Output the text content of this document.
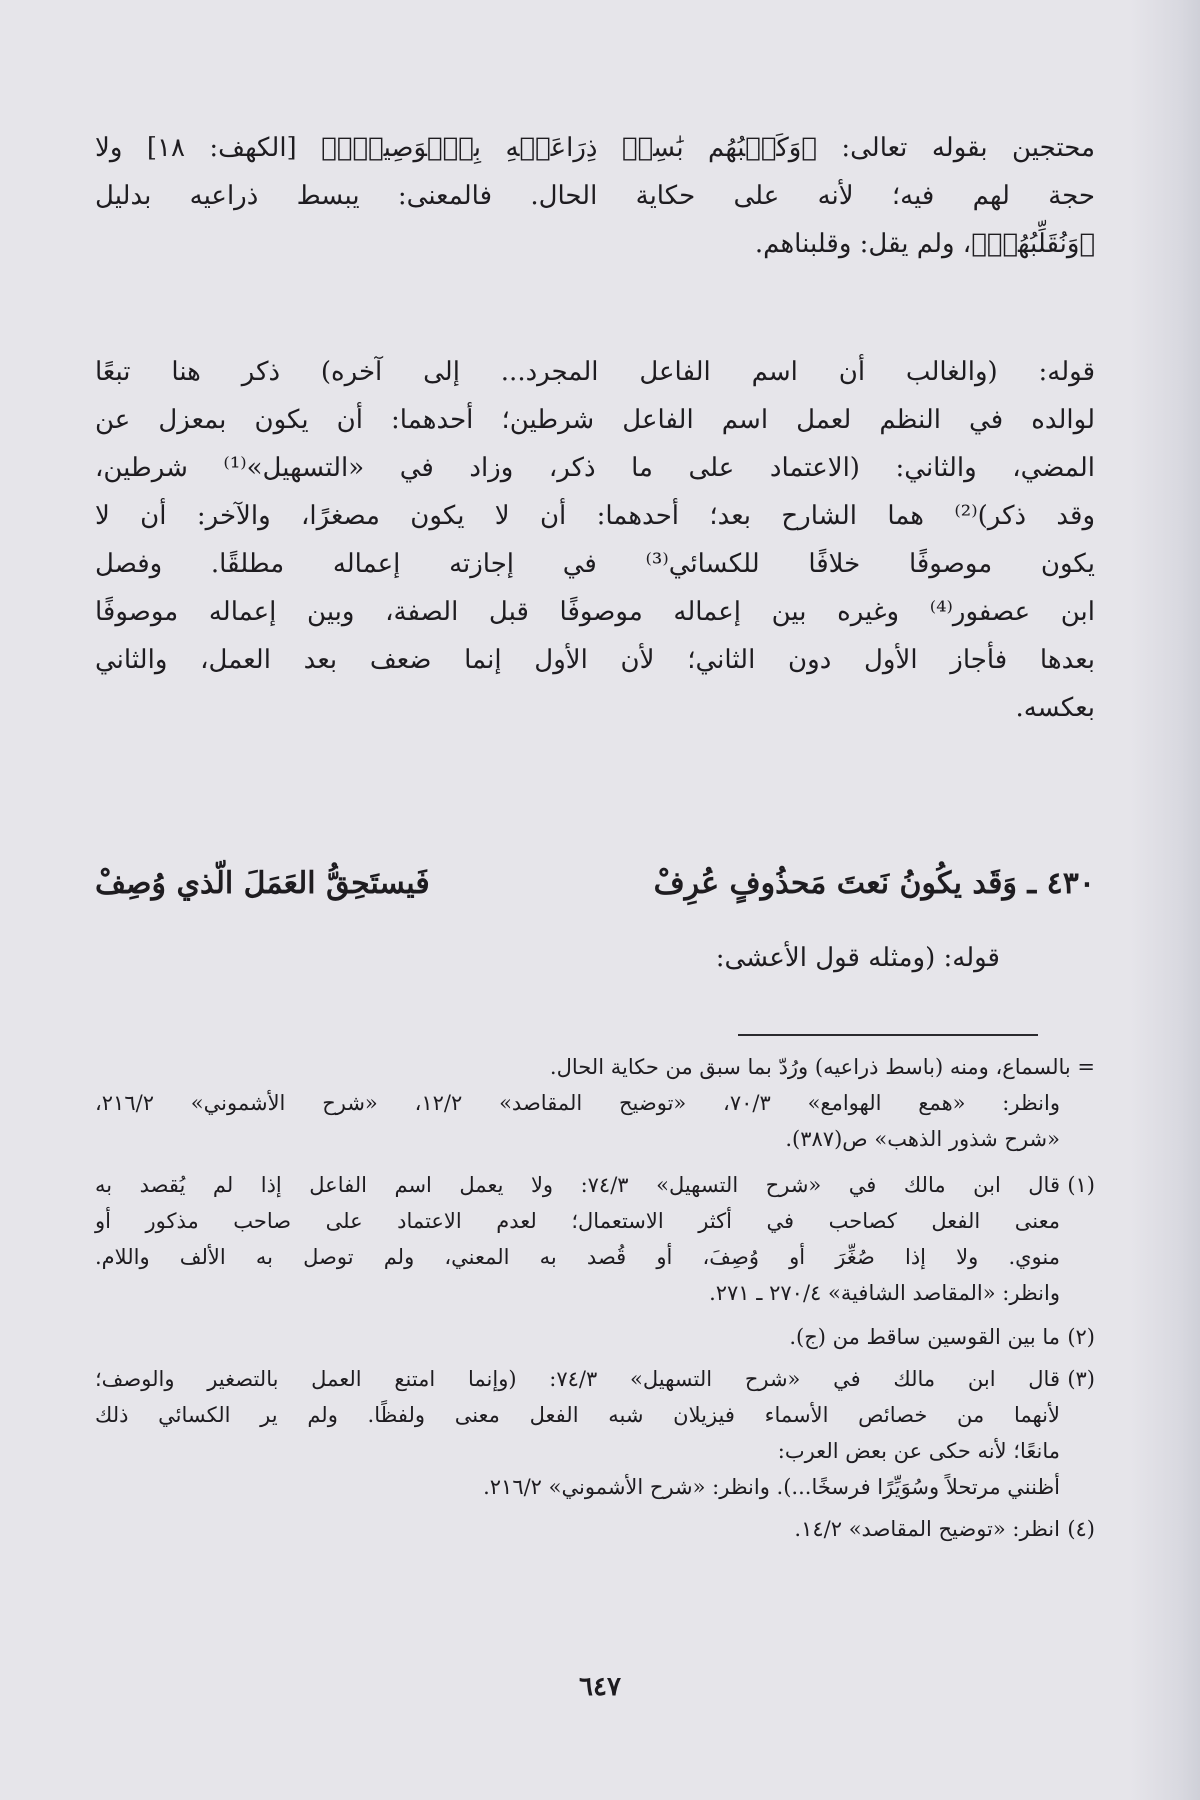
محتجين بقوله تعالى: ﴿وَكَلۡبُهُم بَٰسِطٞ ذِرَاعَيۡهِ بِٱلۡوَصِيدِۚ﴾ [الكهف: ١٨] ولا
حجة لهم فيه؛ لأنه على حكاية الحال. فالمعنى: يبسط ذراعيه بدليل
﴿وَنُقَلِّبُهُمۡ﴾، ولم يقل: وقلبناهم.
قوله: (والغالب أن اسم الفاعل المجرد... إلى آخره) ذكر هنا تبعًا
لوالده في النظم لعمل اسم الفاعل شرطين؛ أحدهما: أن يكون بمعزل عن
المضي، والثاني: (الاعتماد على ما ذكر، وزاد في «التسهيل»⁽¹⁾ شرطين،
وقد ذكر)⁽²⁾ هما الشارح بعد؛ أحدهما: أن لا يكون مصغرًا، والآخر: أن لا
يكون موصوفًا خلافًا للكسائي⁽³⁾ في إجازته إعماله مطلقًا. وفصل
ابن عصفور⁽⁴⁾ وغيره بين إعماله موصوفًا قبل الصفة، وبين إعماله موصوفًا
بعدها فأجاز الأول دون الثاني؛ لأن الأول إنما ضعف بعد العمل، والثاني
بعكسه.
٤٣٠ ـ وَقَد يكُونُ نَعتَ مَحذُوفٍ عُرِفْ
فَيستَحِقُّ العَمَلَ الّذي وُصِفْ
قوله: (ومثله قول الأعشى:
= بالسماع، ومنه (باسط ذراعيه) ورُدّ بما سبق من حكاية الحال.
وانظر: «همع الهوامع» ٧٠/٣، «توضيح المقاصد» ١٢/٢، «شرح الأشموني» ٢١٦/٢،
«شرح شذور الذهب» ص(٣٨٧).
(١)
قال ابن مالك في «شرح التسهيل» ٧٤/٣: ولا يعمل اسم الفاعل إذا لم يُقصد به
معنى الفعل كصاحب في أكثر الاستعمال؛ لعدم الاعتماد على صاحب مذكور أو
منوي. ولا إذا صُغِّرَ أو وُصِفَ، أو قُصد به المعني، ولم توصل به الألف واللام.
وانظر: «المقاصد الشافية» ٢٧٠/٤ ـ ٢٧١.
(٢)
ما بين القوسين ساقط من (ج).
(٣)
قال ابن مالك في «شرح التسهيل» ٧٤/٣: (وإنما امتنع العمل بالتصغير والوصف؛
لأنهما من خصائص الأسماء فيزيلان شبه الفعل معنى ولفظًا. ولم ير الكسائي ذلك
مانعًا؛ لأنه حكى عن بعض العرب:
أظنني مرتحلاً وسُوَيِّرًا فرسخًا...). وانظر: «شرح الأشموني» ٢١٦/٢.
(٤)
انظر: «توضيح المقاصد» ١٤/٢.
٦٤٧
